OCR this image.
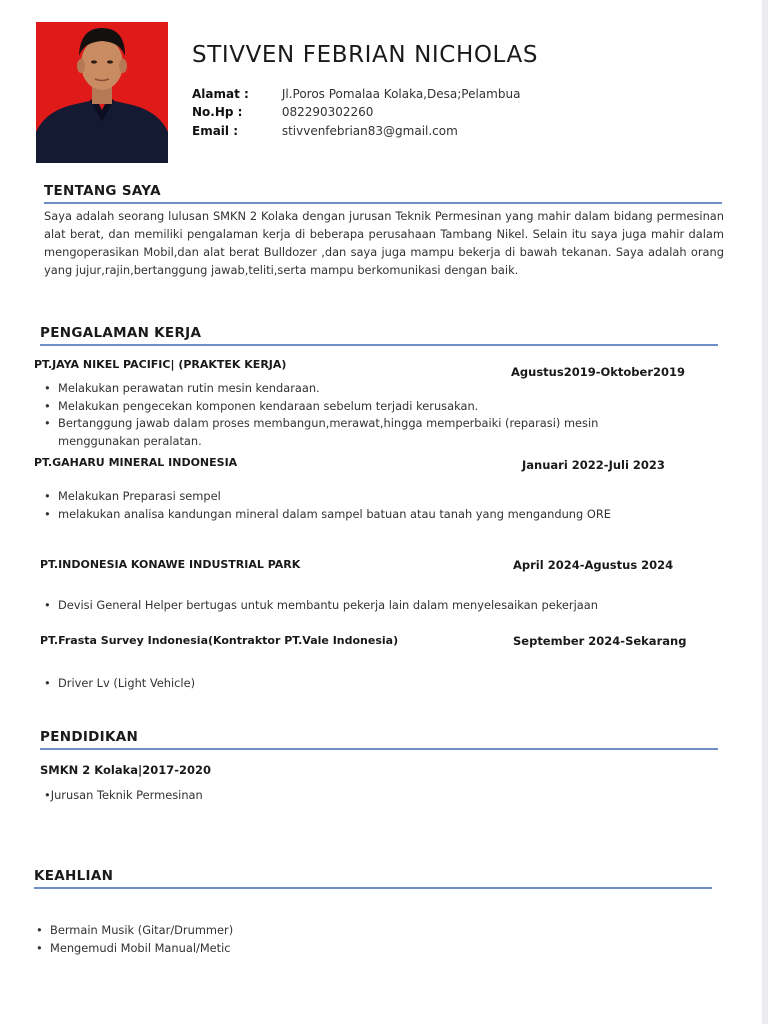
STIVVEN FEBRIAN NICHOLAS
Alamat :	Jl.Poros Pomalaa Kolaka,Desa;Pelambua
No.Hp :	082290302260
Email :	stivvenfebrian83@gmail.com
TENTANG SAYA
Saya adalah seorang lulusan SMKN 2 Kolaka dengan jurusan Teknik Permesinan yang mahir dalam bidang permesinan alat berat, dan memiliki pengalaman kerja di beberapa perusahaan Tambang Nikel. Selain itu saya juga mahir dalam mengoperasikan Mobil,dan alat berat Bulldozer ,dan saya juga mampu bekerja di bawah tekanan. Saya adalah orang yang jujur,rajin,bertanggung jawab,teliti,serta mampu berkomunikasi dengan baik.
PENGALAMAN KERJA
PT.JAYA NIKEL PACIFIC| (PRAKTEK KERJA)
Agustus2019-Oktober2019
• Melakukan perawatan rutin mesin kendaraan.
• Melakukan pengecekan komponen kendaraan sebelum terjadi kerusakan.
• Bertanggung jawab dalam proses membangun,merawat,hingga memperbaiki (reparasi) mesin menggunakan peralatan.
PT.GAHARU MINERAL INDONESIA	Januari 2022-Juli 2023
• Melakukan Preparasi sempel
• melakukan analisa kandungan mineral dalam sampel batuan atau tanah yang mengandung ORE
PT.INDONESIA KONAWE INDUSTRIAL PARK	April 2024-Agustus 2024
• Devisi General Helper bertugas untuk membantu pekerja lain dalam menyelesaikan pekerjaan
PT.Frasta Survey Indonesia(Kontraktor PT.Vale Indonesia)	September 2024-Sekarang
• Driver Lv (Light Vehicle)
PENDIDIKAN
SMKN 2 Kolaka|2017-2020
•Jurusan Teknik Permesinan
KEAHLIAN
• Bermain Musik (Gitar/Drummer)
• Mengemudi Mobil Manual/Metic
